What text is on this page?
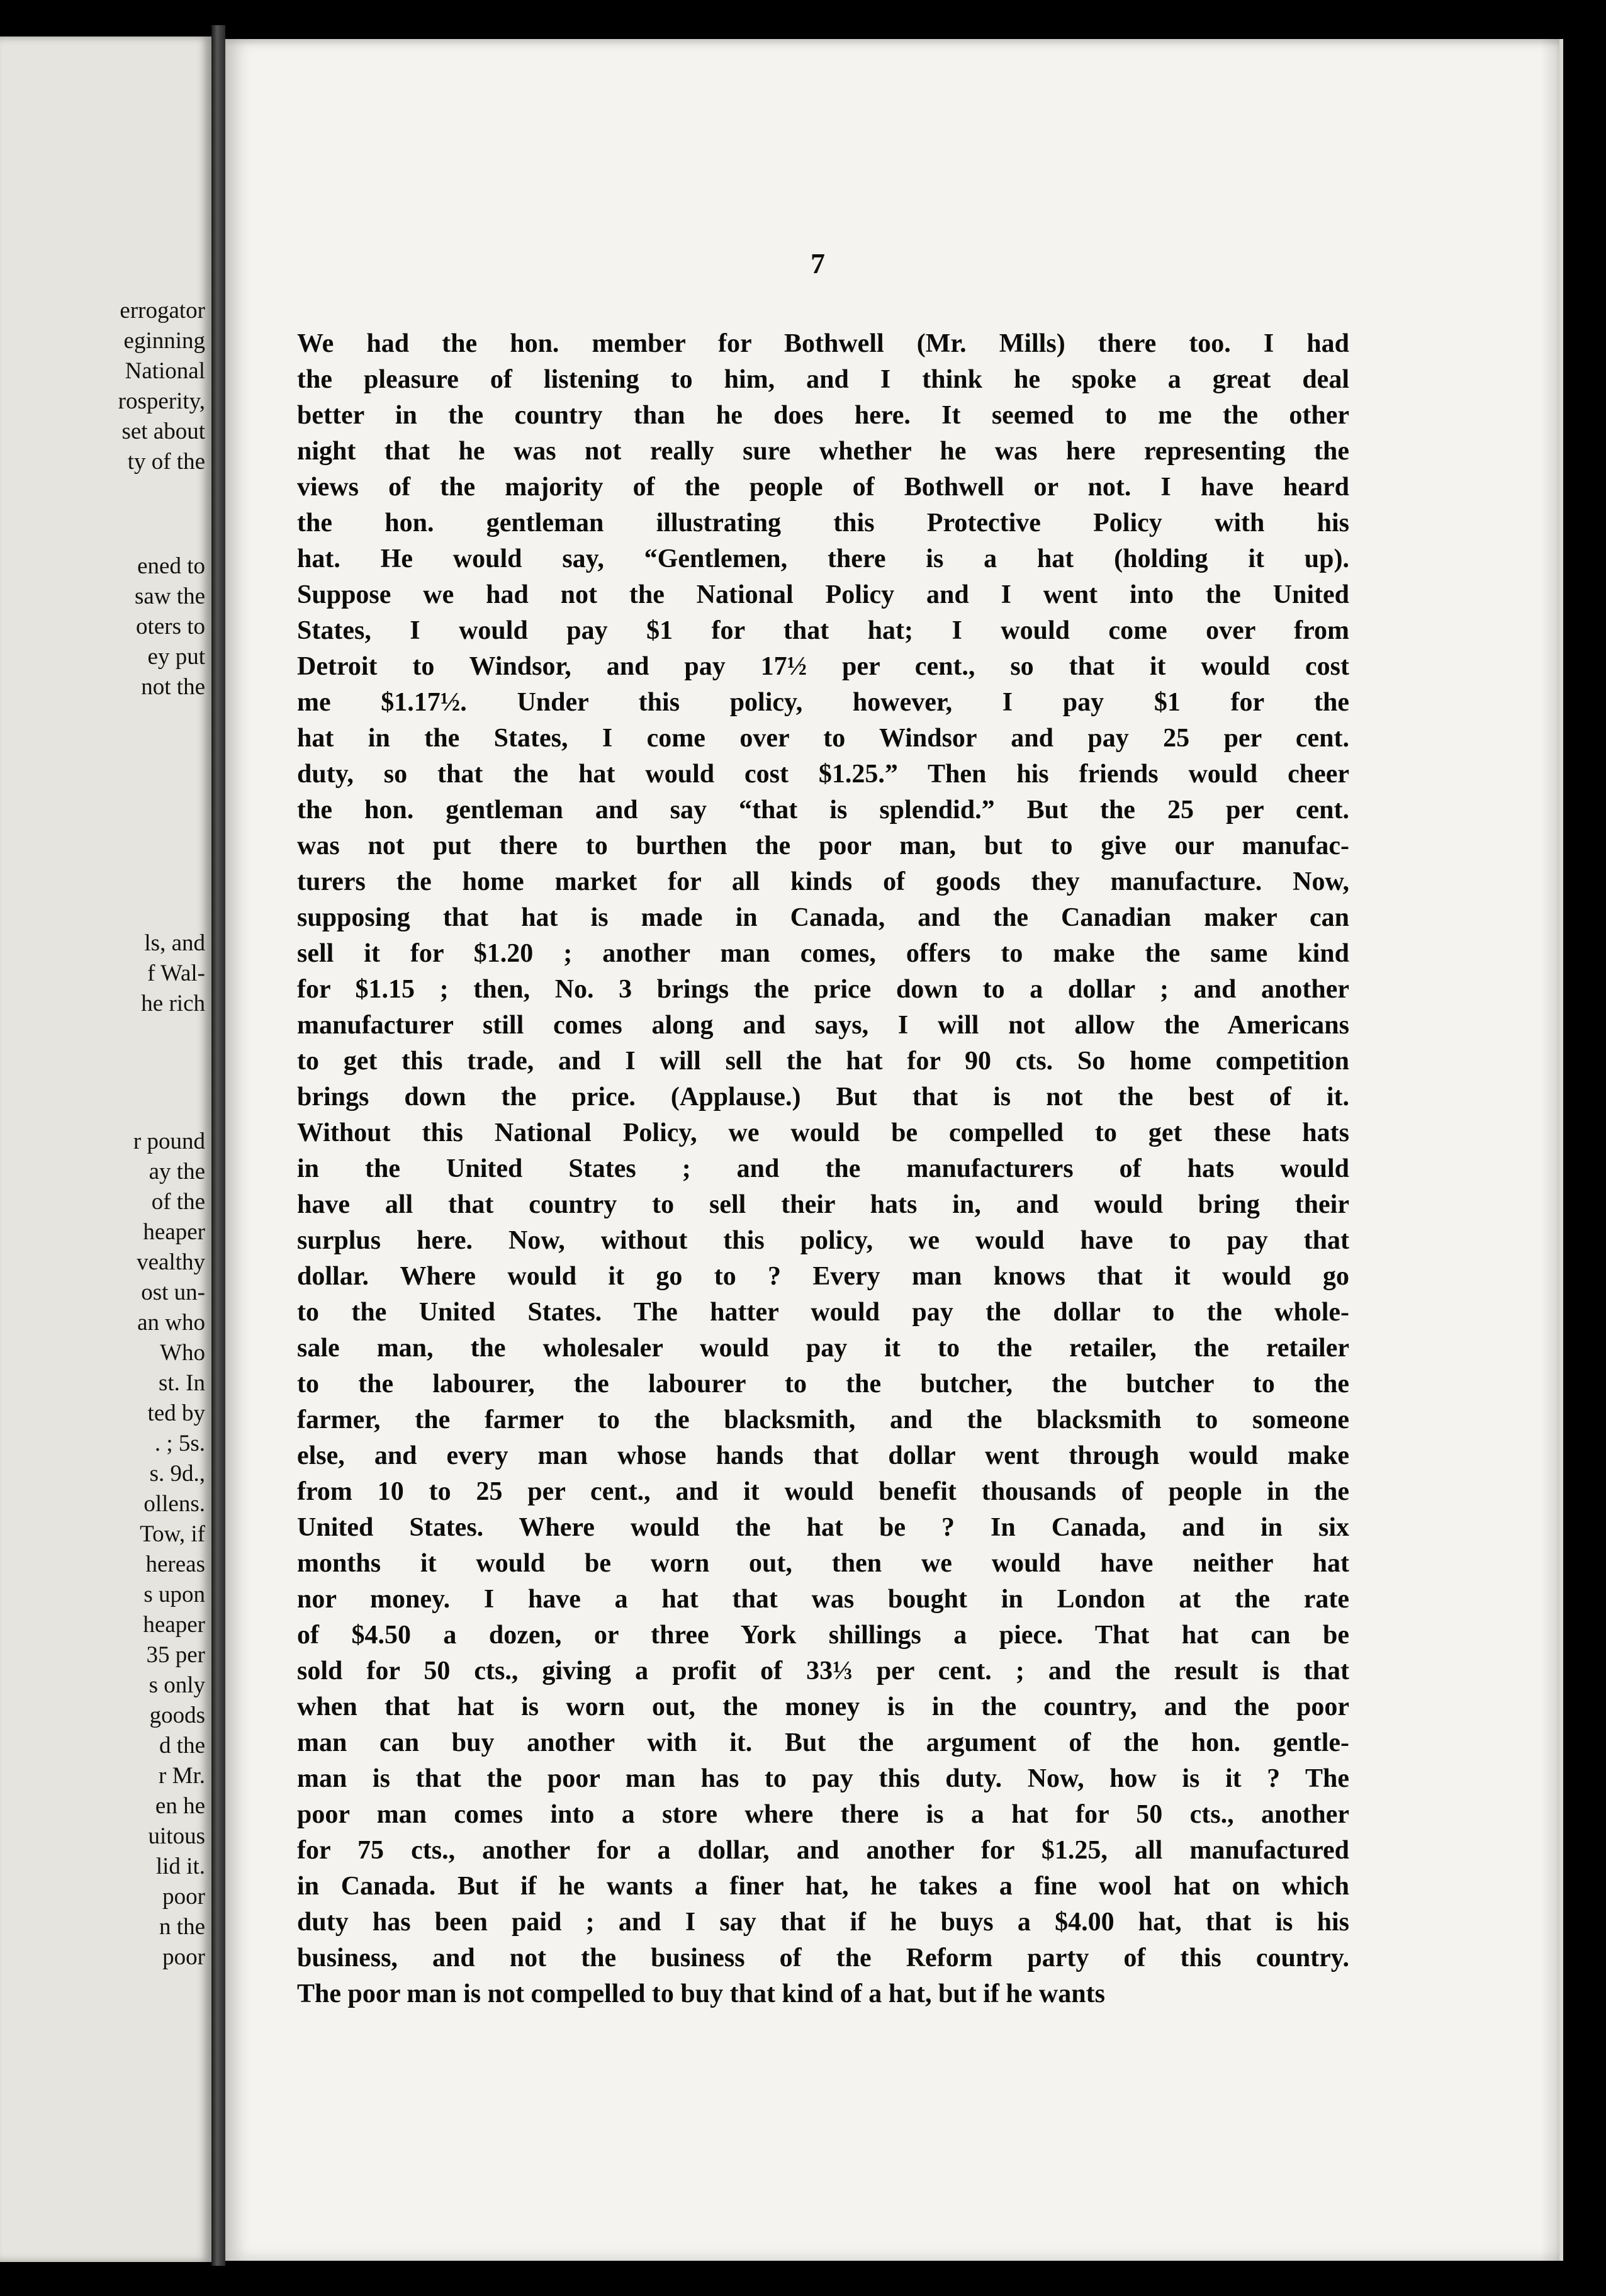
errogator
eginning
National
rosperity,
set about
ty of the
ened to
saw the
oters to
ey put
not the
ls, and
f Wal-
he rich
r pound
ay the
of the
heaper
vealthy
ost un-
an who
Who
st. In
ted by
. ; 5s.
s. 9d.,
ollens.
Tow, if
hereas
s upon
heaper
35 per
s only
goods
d the
r Mr.
en he
uitous
lid it.
poor
n the
poor
7
We had the hon. member for Bothwell (Mr. Mills) there too. I had
the pleasure of listening to him, and I think he spoke a great deal
better in the country than he does here. It seemed to me the other
night that he was not really sure whether he was here representing the
views of the majority of the people of Bothwell or not. I have heard
the hon. gentleman illustrating this Protective Policy with his
hat. He would say, “Gentlemen, there is a hat (holding it up).
Suppose we had not the National Policy and I went into the United
States, I would pay $1 for that hat; I would come over from
Detroit to Windsor, and pay 17½ per cent., so that it would cost
me $1.17½. Under this policy, however, I pay $1 for the
hat in the States, I come over to Windsor and pay 25 per cent.
duty, so that the hat would cost $1.25.” Then his friends would cheer
the hon. gentleman and say “that is splendid.” But the 25 per cent.
was not put there to burthen the poor man, but to give our manufac-
turers the home market for all kinds of goods they manufacture. Now,
supposing that hat is made in Canada, and the Canadian maker can
sell it for $1.20 ; another man comes, offers to make the same kind
for $1.15 ; then, No. 3 brings the price down to a dollar ; and another
manufacturer still comes along and says, I will not allow the Americans
to get this trade, and I will sell the hat for 90 cts. So home competition
brings down the price. (Applause.) But that is not the best of it.
Without this National Policy, we would be compelled to get these hats
in the United States ; and the manufacturers of hats would
have all that country to sell their hats in, and would bring their
surplus here. Now, without this policy, we would have to pay that
dollar. Where would it go to ? Every man knows that it would go
to the United States. The hatter would pay the dollar to the whole-
sale man, the wholesaler would pay it to the retailer, the retailer
to the labourer, the labourer to the butcher, the butcher to the
farmer, the farmer to the blacksmith, and the blacksmith to someone
else, and every man whose hands that dollar went through would make
from 10 to 25 per cent., and it would benefit thousands of people in the
United States. Where would the hat be ? In Canada, and in six
months it would be worn out, then we would have neither hat
nor money. I have a hat that was bought in London at the rate
of $4.50 a dozen, or three York shillings a piece. That hat can be
sold for 50 cts., giving a profit of 33⅓ per cent. ; and the result is that
when that hat is worn out, the money is in the country, and the poor
man can buy another with it. But the argument of the hon. gentle-
man is that the poor man has to pay this duty. Now, how is it ? The
poor man comes into a store where there is a hat for 50 cts., another
for 75 cts., another for a dollar, and another for $1.25, all manufactured
in Canada. But if he wants a finer hat, he takes a fine wool hat on which
duty has been paid ; and I say that if he buys a $4.00 hat, that is his
business, and not the business of the Reform party of this country.
The poor man is not compelled to buy that kind of a hat, but if he wants
